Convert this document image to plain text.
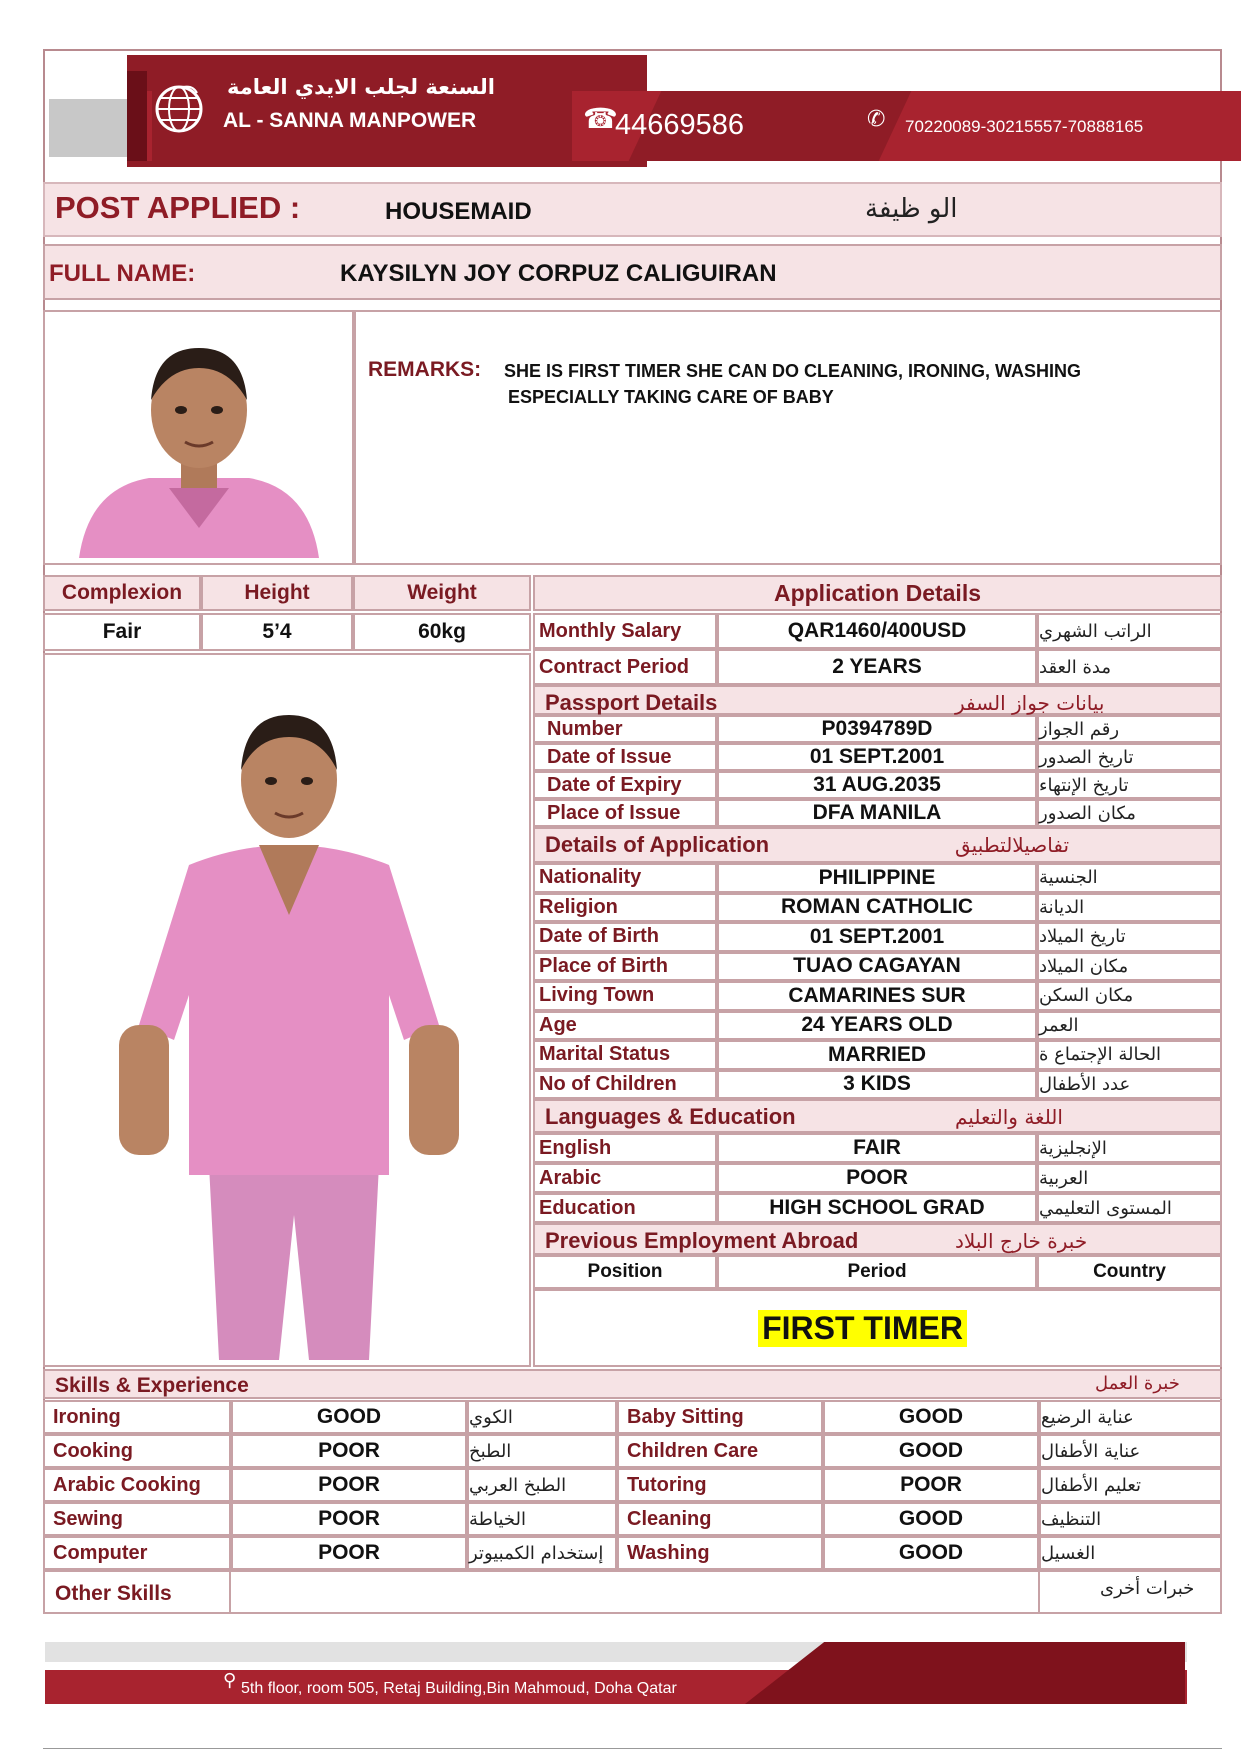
السنعة لجلب الايدي العامة
AL - SANNA MANPOWER	☎
44669586	✆ 70220089-30215557-70888165
POST APPLIED :	HOUSEMAID	الو ظيفة
FULL NAME:	KAYSILYN JOY CORPUZ CALIGUIRAN
REMARKS: SHE IS FIRST TIMER SHE CAN DO CLEANING, IRONING, WASHING
ESPECIALLY TAKING CARE OF BABY
Complexion	Height	Weight
Fair	5’4	60kg
Application Details
Monthly Salary	QAR1460/400USD	الراتب الشهري
Contract Period	2 YEARS	مدة العقد
Passport Details	بيانات جواز السفر
Number	P0394789D	رقم الجواز
Date of Issue	01 SEPT.2001	تاريخ الصدور
Date of Expiry	31 AUG.2035	تاريخ الإنتهاء
Place of Issue	DFA MANILA	مكان الصدور
Details of Application	تفاصيلالتطبيق
Nationality	PHILIPPINE	الجنسية
Religion	ROMAN CATHOLIC	الديانة
Date of Birth	01 SEPT.2001	تاريخ الميلاد
Place of Birth	TUAO CAGAYAN	مكان الميلاد
Living Town	CAMARINES SUR	مكان السكن
Age	24 YEARS OLD	العمر
Marital Status	MARRIED	الحالة الإجتماع ة
No of Children	3 KIDS	عدد الأطفال
Languages & Education	اللغة والتعليم
English	FAIR	الإنجليزية
Arabic	POOR	العربية
Education	HIGH SCHOOL GRAD	المستوى التعليمي
Previous Employment Abroad	خبرة خارج البلاد
Position	Period	Country
FIRST TIMER
Skills & Experience	خبرة العمل
Ironing	GOOD	الكوي
Cooking	POOR	الطبخ
Arabic Cooking	POOR	الطبخ العربي
Sewing	POOR	الخياطة
Computer	POOR	إستخدام الكمبيوتر
Baby Sitting	GOOD	عناية الرضيع
Children Care	GOOD	عناية الأطفال
Tutoring	POOR	تعليم الأطفال
Cleaning	GOOD	التنظيف
Washing	GOOD	الغسيل
Other Skills	خبرات أخرى
⚲ 5th floor, room 505, Retaj Building,Bin Mahmoud, Doha Qatar
